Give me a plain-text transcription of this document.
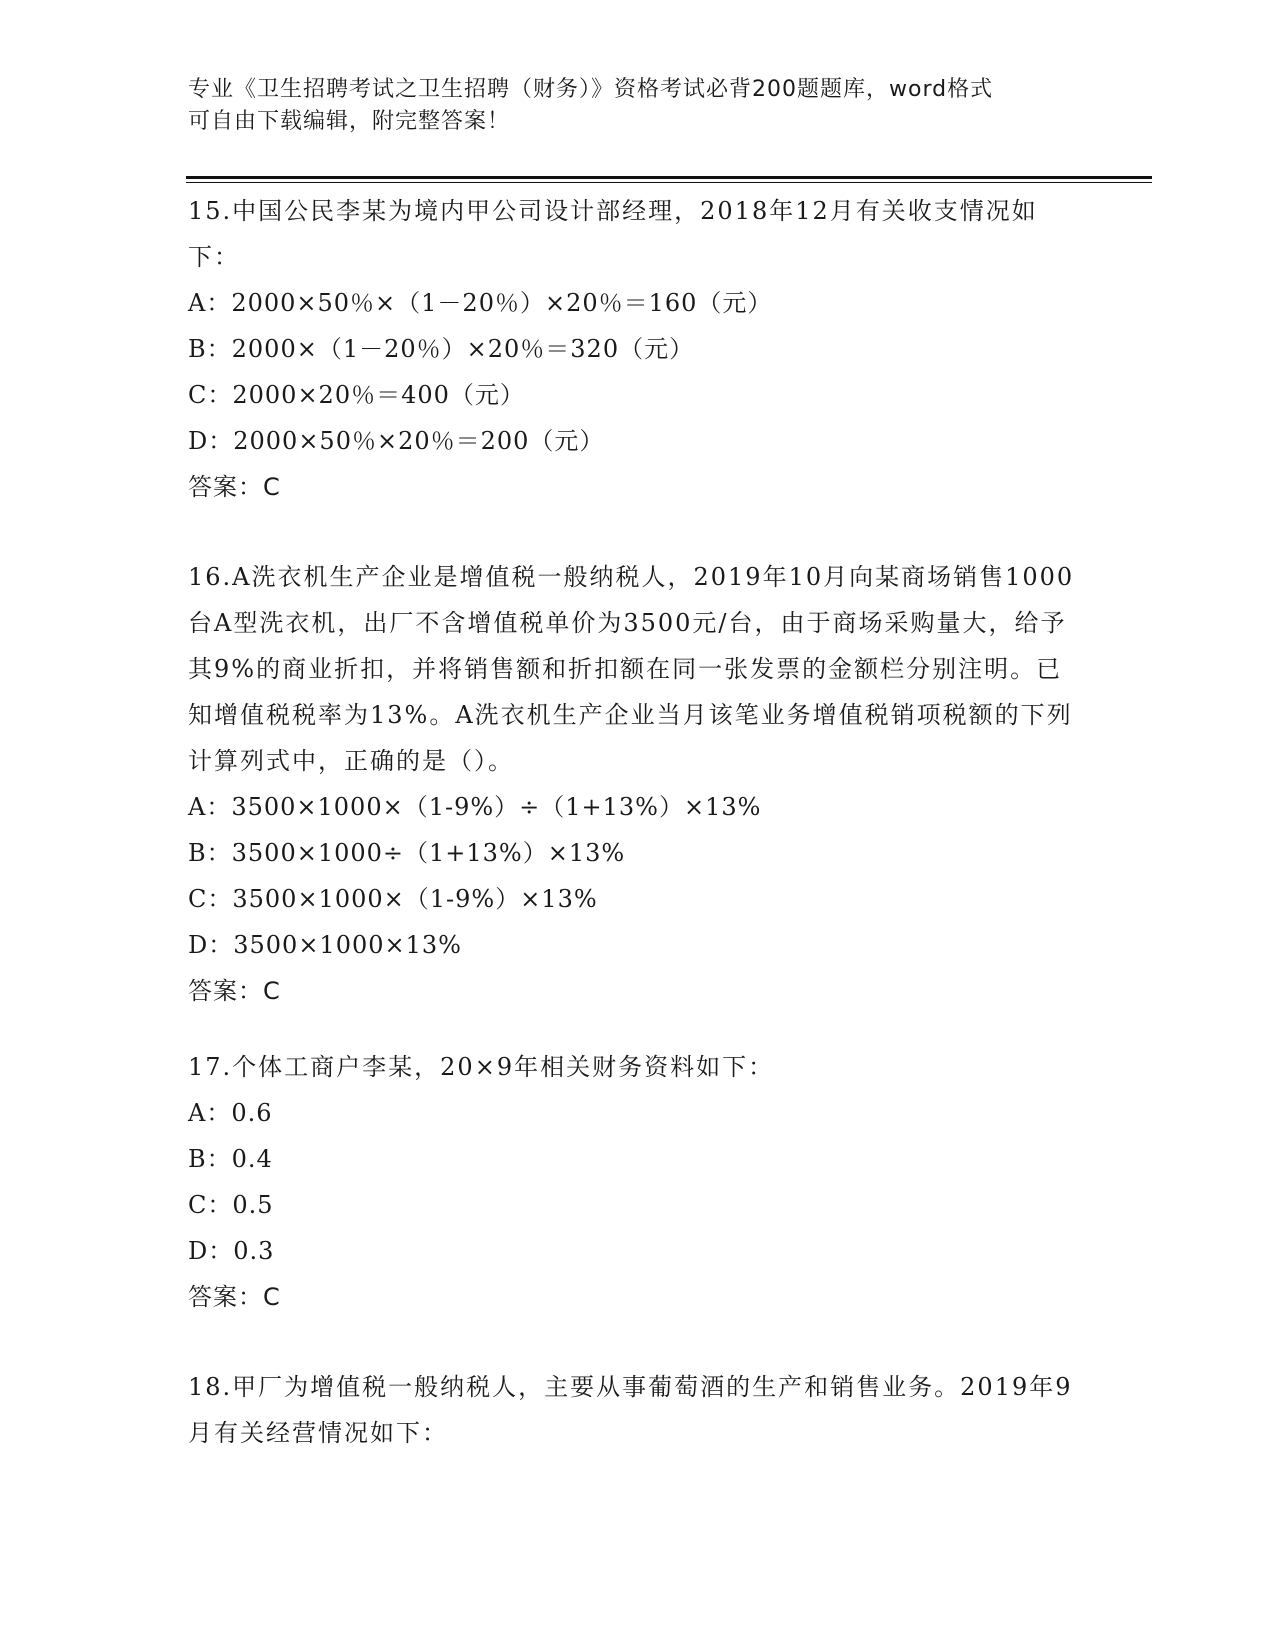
专业《卫生招聘考试之卫生招聘（财务）》资格考试必背200题题库，word格式
可自由下载编辑，附完整答案！

15.中国公民李某为境内甲公司设计部经理，2018年12月有关收支情况如下：

A：2000×50％×（1－20％）×20％＝160（元）

B：2000×（1－20％）×20％＝320（元）

C：2000×20％＝400（元）

D：2000×50％×20％＝200（元）

答案：C

16.A洗衣机生产企业是增值税一般纳税人，2019年10月向某商场销售1000台A型洗衣机，出厂不含增值税单价为3500元/台，由于商场采购量大，给予其9%的商业折扣，并将销售额和折扣额在同一张发票的金额栏分别注明。已知增值税税率为13%。A洗衣机生产企业当月该笔业务增值税销项税额的下列计算列式中，正确的是（）。

A：3500×1000×（1-9%）÷（1+13%）×13%

B：3500×1000÷（1+13%）×13%

C：3500×1000×（1-9%）×13%

D：3500×1000×13%

答案：C

17.个体工商户李某，20×9年相关财务资料如下：

A：0.6

B：0.4

C：0.5

D：0.3

答案：C

18.甲厂为增值税一般纳税人，主要从事葡萄酒的生产和销售业务。2019年9月有关经营情况如下：
